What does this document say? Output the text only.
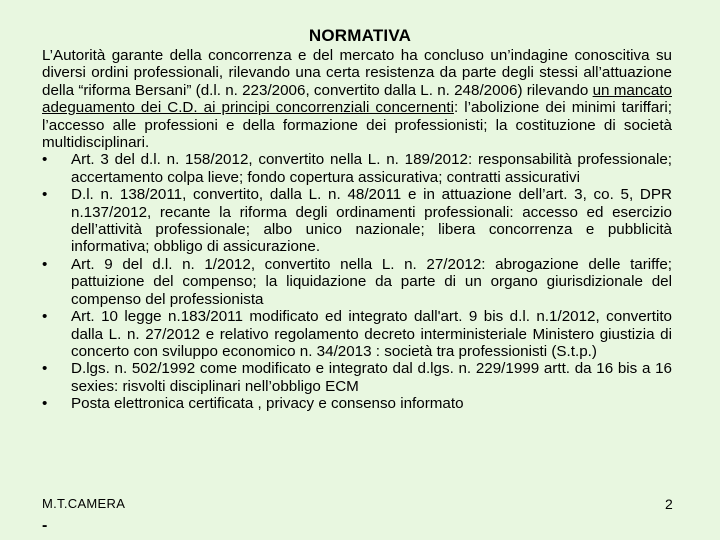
NORMATIVA

L’Autorità garante della concorrenza e del mercato ha concluso un’indagine conoscitiva su diversi ordini professionali, rilevando una certa resistenza da parte degli stessi all’attuazione della “riforma Bersani” (d.l. n. 223/2006, convertito dalla L. n. 248/2006) rilevando un mancato adeguamento dei C.D. ai principi concorrenziali concernenti: l’abolizione dei minimi tariffari; l’accesso alle professioni e della formazione dei professionisti; la costituzione di società multidisciplinari.

•	Art. 3 del d.l. n. 158/2012, convertito nella L. n. 189/2012: responsabilità professionale; accertamento colpa lieve; fondo copertura assicurativa; contratti assicurativi
•	D.l. n. 138/2011, convertito, dalla L. n. 48/2011 e in attuazione dell’art. 3, co. 5, DPR n.137/2012, recante la riforma degli ordinamenti professionali: accesso ed esercizio dell’attività professionale; albo unico nazionale; libera concorrenza e pubblicità informativa; obbligo di assicurazione.
•	Art. 9 del d.l. n. 1/2012, convertito nella L. n. 27/2012: abrogazione delle tariffe; pattuizione del compenso; la liquidazione da parte di un organo giurisdizionale del compenso del professionista
•	Art. 10 legge n.183/2011 modificato ed integrato dall'art. 9 bis d.l. n.1/2012, convertito dalla L. n. 27/2012 e relativo regolamento decreto interministeriale Ministero giustizia di concerto con sviluppo economico n. 34/2013 : società tra professionisti (S.t.p.)
•	D.lgs. n. 502/1992 come modificato e integrato dal d.lgs. n. 229/1999 artt. da 16 bis a 16 sexies: risvolti disciplinari nell’obbligo ECM
•	Posta elettronica certificata , privacy e consenso informato
M.T.CAMERA
-
2
